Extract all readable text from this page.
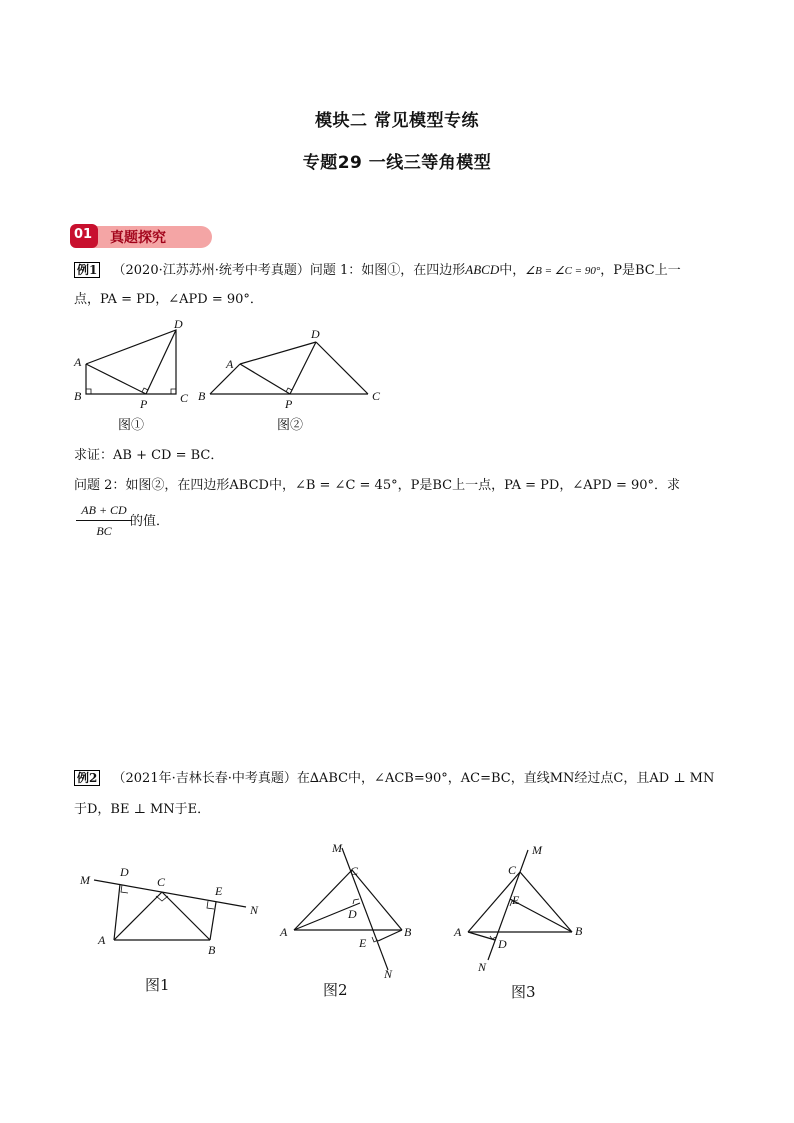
模块二 常见模型专练
专题29 一线三等角模型
01 真题探究
例1 （2020·江苏苏州·统考中考真题）问题 1：如图①，在四边形ABCD中，∠B = ∠C = 90°，P是BC上一
点，PA = PD，∠APD = 90°．
A
B	C
D
P
A
B	C
D
P
图①	图②
求证：AB + CD = BC．
问题 2：如图②，在四边形ABCD中，∠B = ∠C = 45°，P是BC上一点，PA = PD，∠APD = 90°．求
$\frac{AB + CD}{BC}$
的值．
例2 （2021年·吉林长春·中考真题）在∆ABC中，∠ACB=90°，AC=BC，直线MN经过点C，且AD ⊥ MN
于D，BE ⊥ MN于E．
M
D
C
E
N
A
B
M
C
D
A
E
B
N
M
C
E
A
D
B
N
图1	图2	图3
